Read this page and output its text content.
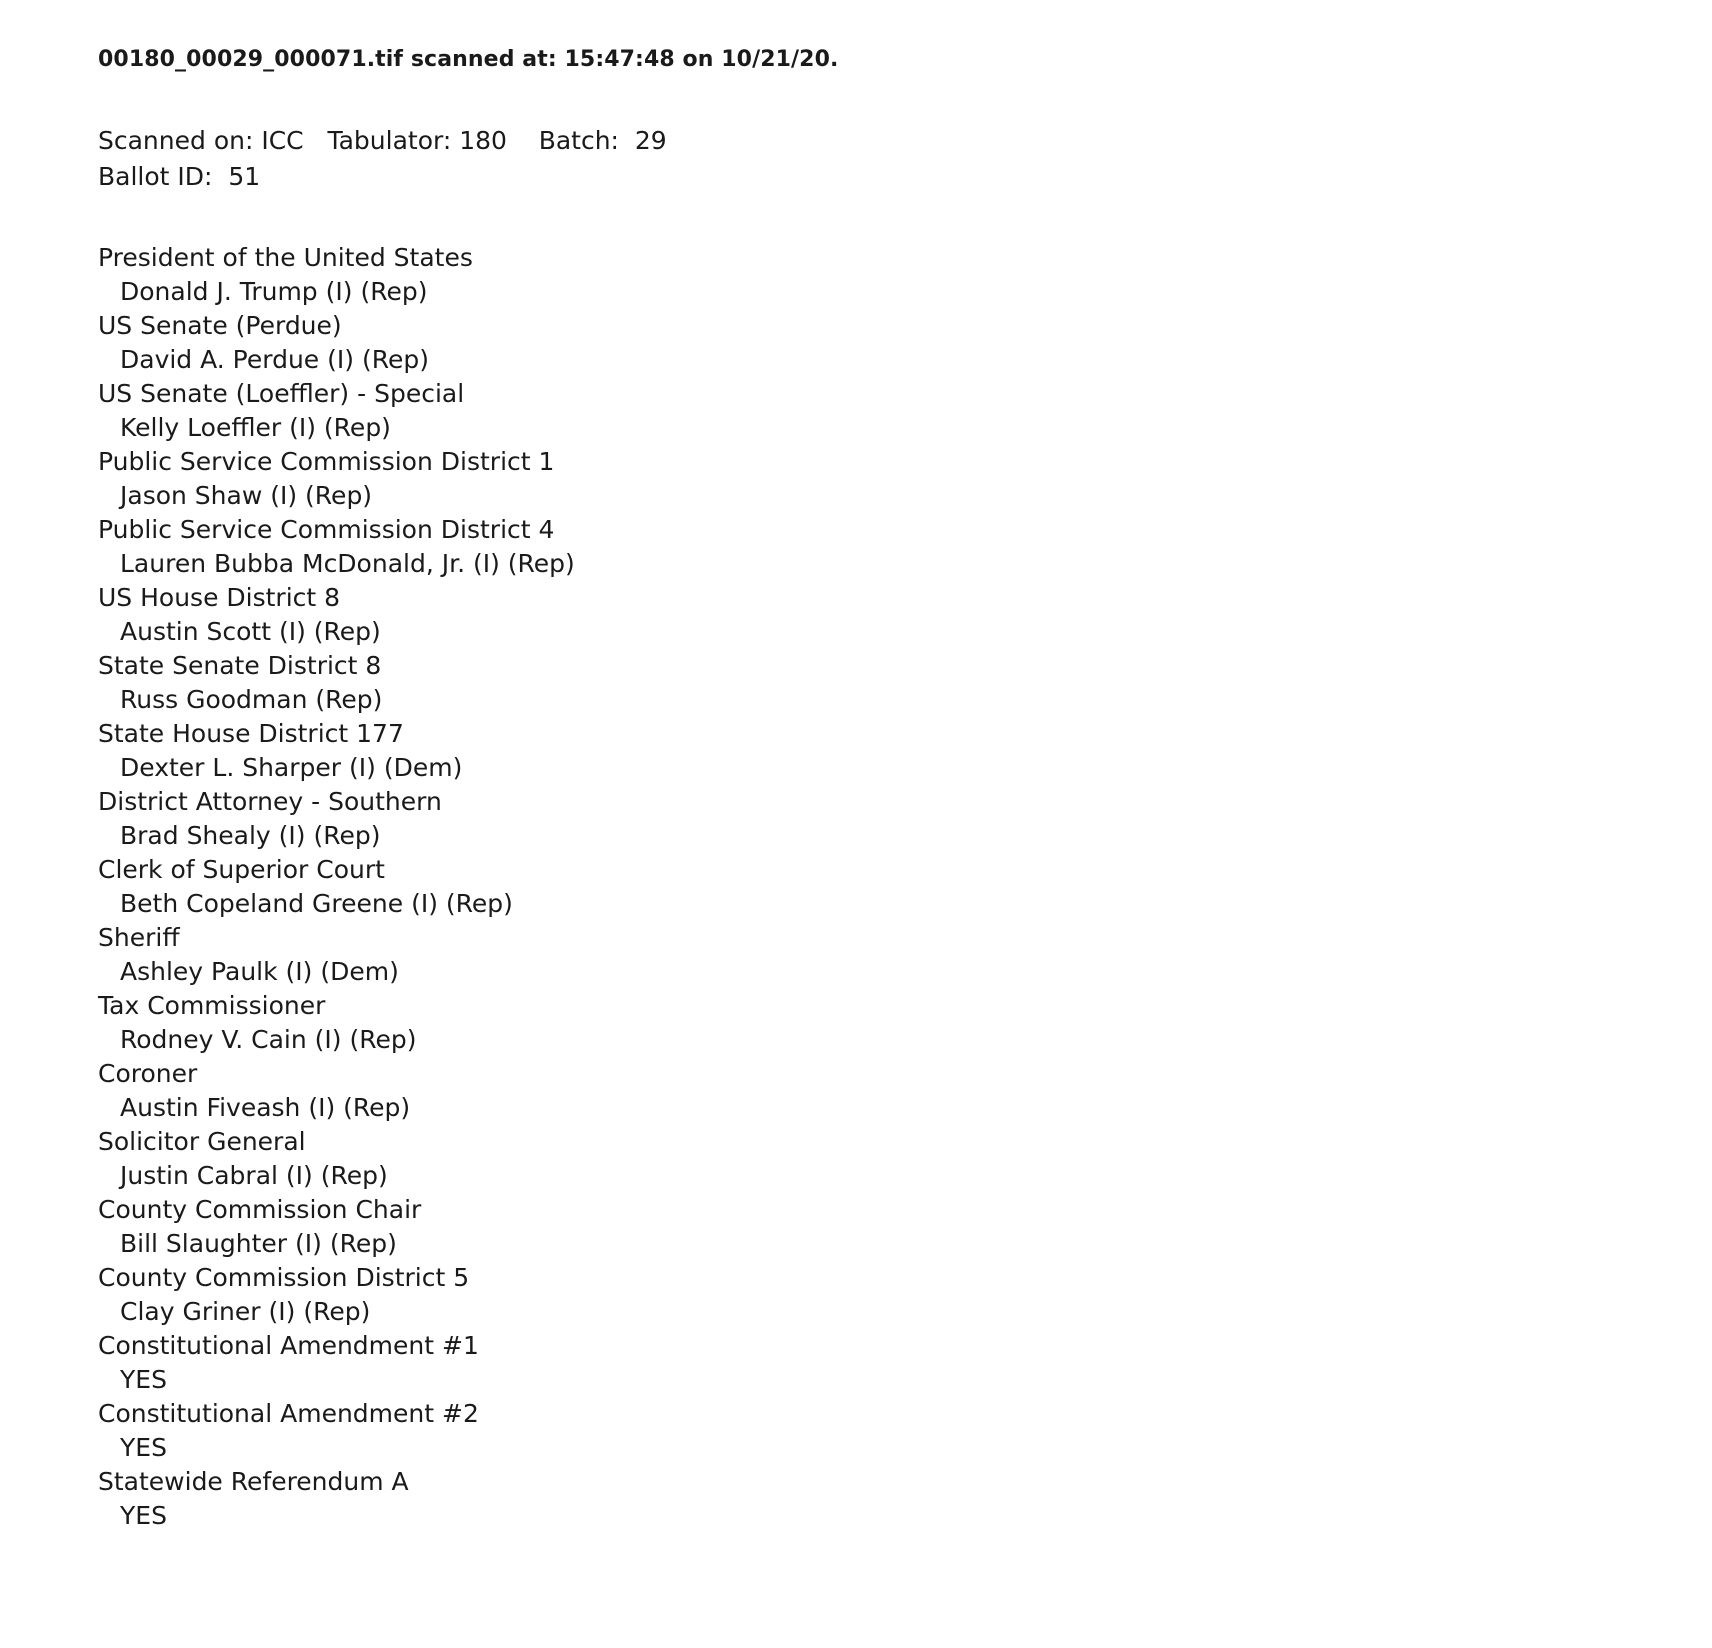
00180_00029_000071.tif scanned at: 15:47:48 on 10/21/20.
Scanned on: ICC   Tabulator: 180    Batch:  29
Ballot ID:  51
President of the United States
Donald J. Trump (I) (Rep)
US Senate (Perdue)
David A. Perdue (I) (Rep)
US Senate (Loeffler) - Special
Kelly Loeffler (I) (Rep)
Public Service Commission District 1
Jason Shaw (I) (Rep)
Public Service Commission District 4
Lauren Bubba McDonald, Jr. (I) (Rep)
US House District 8
Austin Scott (I) (Rep)
State Senate District 8
Russ Goodman (Rep)
State House District 177
Dexter L. Sharper (I) (Dem)
District Attorney - Southern
Brad Shealy (I) (Rep)
Clerk of Superior Court
Beth Copeland Greene (I) (Rep)
Sheriff
Ashley Paulk (I) (Dem)
Tax Commissioner
Rodney V. Cain (I) (Rep)
Coroner
Austin Fiveash (I) (Rep)
Solicitor General
Justin Cabral (I) (Rep)
County Commission Chair
Bill Slaughter (I) (Rep)
County Commission District 5
Clay Griner (I) (Rep)
Constitutional Amendment #1
YES
Constitutional Amendment #2
YES
Statewide Referendum A
YES
